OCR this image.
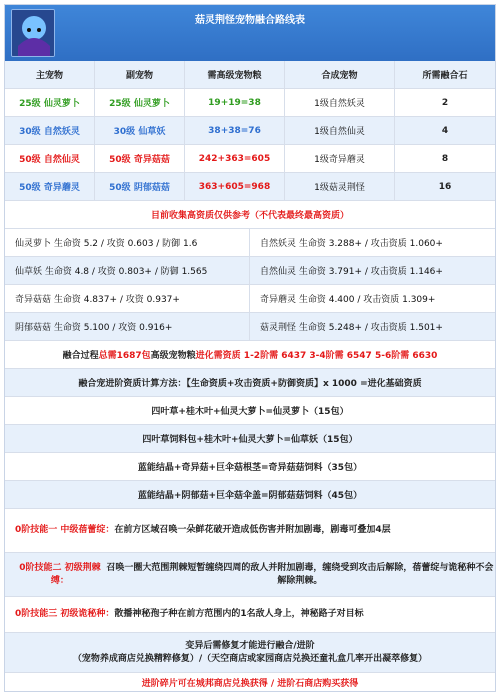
菇灵荆怪宠物融合路线表
主宠物	副宠物	需高级宠物粮	合成宠物	所需融合石
25级 仙灵萝卜	25级 仙灵萝卜	19+19=38	1级自然妖灵	2
30级 自然妖灵	30级 仙草妖	38+38=76	1级自然仙灵	4
50级 自然仙灵	50级 奇异菇菇	242+363=605	1级奇异蘑灵	8
50级 奇异蘑灵	50级 阴郁菇菇	363+605=968	1级菇灵荆怪	16
目前收集高资质仅供参考（不代表最终最高资质）
仙灵萝卜 生命资 5.2 / 攻资 0.603 / 防御 1.6	自然妖灵 生命资 3.288+ / 攻击资质 1.060+
仙草妖 生命资 4.8 / 攻资 0.803+ / 防御 1.565	自然仙灵 生命资 3.791+ / 攻击资质 1.146+
奇异菇菇 生命资 4.837+ / 攻资 0.937+	奇异蘑灵 生命资 4.400 / 攻击资质 1.309+
阴郁菇菇 生命资 5.100 / 攻资 0.916+	菇灵荆怪 生命资 5.248+ / 攻击资质 1.501+
融合过程 总需1687包 高级宠物粮 进化需资质 1-2阶需 6437 3-4阶需 6547 5-6阶需 6630
融合宠进阶资质计算方法：【生命资质+攻击资质+防御资质】x 1000 =进化基础资质
四叶草+桂木叶+仙灵大萝卜=仙灵萝卜（15包）
四叶草饲料包+桂木叶+仙灵大萝卜=仙草妖（15包）
蓝能结晶+奇异菇+巨伞菇根茎=奇异菇菇饲料（35包）
蓝能结晶+阴郁菇+巨伞菇伞盖=阴郁菇菇饲料（45包）
0阶技能一 中级蓓蕾绽： 在前方区域召唤一朵鲜花破开造成低伤害并附加剧毒，剧毒可叠加4层
0阶技能二 初级荆棘缚：
召唤一圈大范围荆棘短暂缠绕四周的敌人并附加剧毒，缠绕受到攻击后解除，蓓蕾绽与诡秘种不会解除荆棘。
0阶技能三 初级诡秘种： 散播神秘孢子种在前方范围内的1名敌人身上，神秘路子对目标
变异后需修复才能进行融合/进阶
（宠物养成商店兑换精粹修复）/（天空商店或家园商店兑换还童礼盒几率开出凝萃修复）
进阶碎片可在城邦商店兑换获得 / 进阶石商店购买获得
